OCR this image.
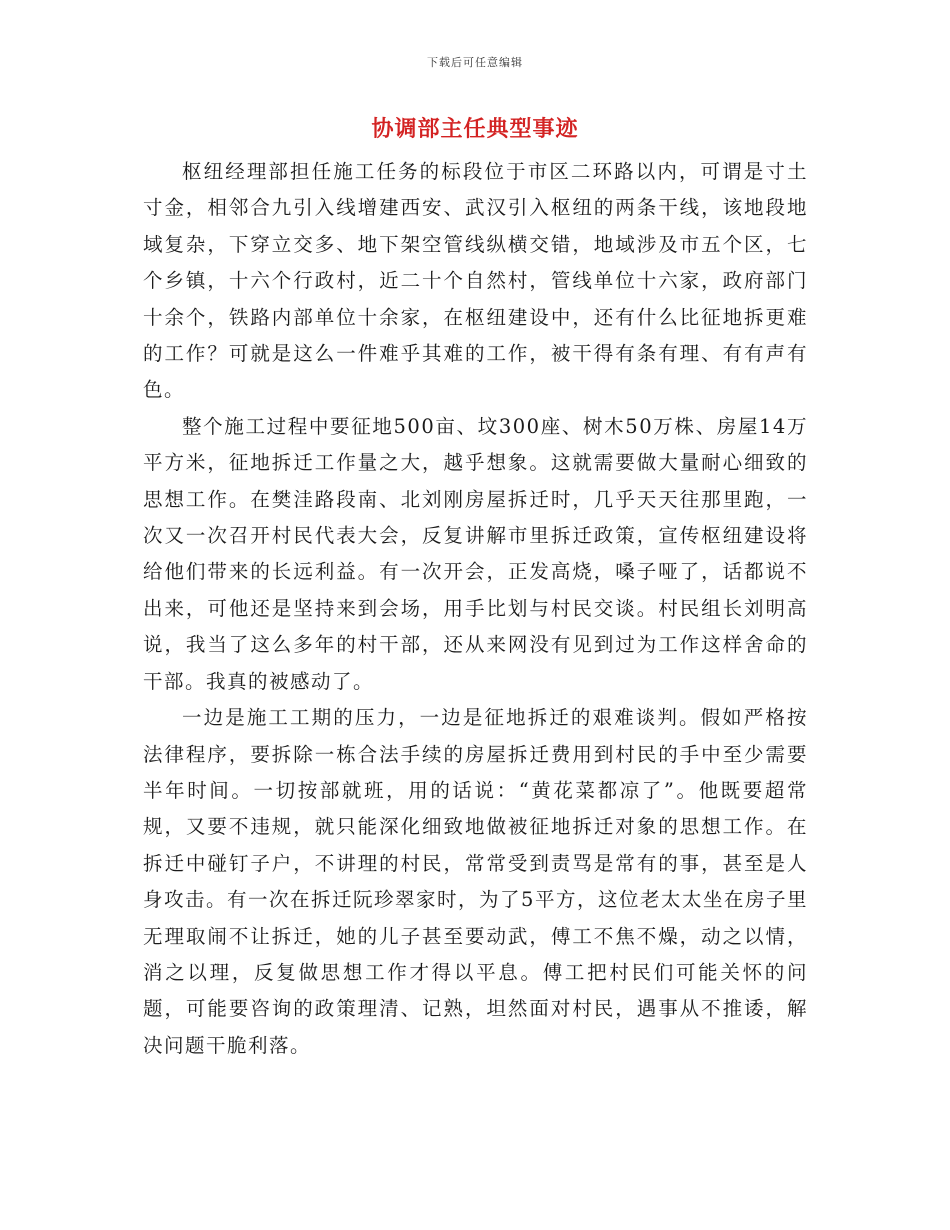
下载后可任意编辑
协调部主任典型事迹

枢纽经理部担任施工任务的标段位于市区二环路以内，可谓是寸土寸金，相邻合九引入线增建西安、武汉引入枢纽的两条干线，该地段地域复杂，下穿立交多、地下架空管线纵横交错，地域涉及市五个区，七个乡镇，十六个行政村，近二十个自然村，管线单位十六家，政府部门十余个，铁路内部单位十余家，在枢纽建设中，还有什么比征地拆更难的工作？可就是这么一件难乎其难的工作，被干得有条有理、有有声有色。

整个施工过程中要征地500亩、坟300座、树木50万株、房屋14万平方米，征地拆迁工作量之大，越乎想象。这就需要做大量耐心细致的思想工作。在樊洼路段南、北刘刚房屋拆迁时，几乎天天往那里跑，一次又一次召开村民代表大会，反复讲解市里拆迁政策，宣传枢纽建设将给他们带来的长远利益。有一次开会，正发高烧，嗓子哑了，话都说不出来，可他还是坚持来到会场，用手比划与村民交谈。村民组长刘明高说，我当了这么多年的村干部，还从来网没有见到过为工作这样舍命的干部。我真的被感动了。

一边是施工工期的压力，一边是征地拆迁的艰难谈判。假如严格按法律程序，要拆除一栋合法手续的房屋拆迁费用到村民的手中至少需要半年时间。一切按部就班，用的话说：“黄花菜都凉了”。他既要超常规，又要不违规，就只能深化细致地做被征地拆迁对象的思想工作。在拆迁中碰钉子户，不讲理的村民，常常受到责骂是常有的事，甚至是人身攻击。有一次在拆迁阮珍翠家时，为了5平方，这位老太太坐在房子里无理取闹不让拆迁，她的儿子甚至要动武，傅工不焦不燥，动之以情，消之以理，反复做思想工作才得以平息。傅工把村民们可能关怀的问题，可能要咨询的政策理清、记熟，坦然面对村民，遇事从不推诿，解决问题干脆利落。
